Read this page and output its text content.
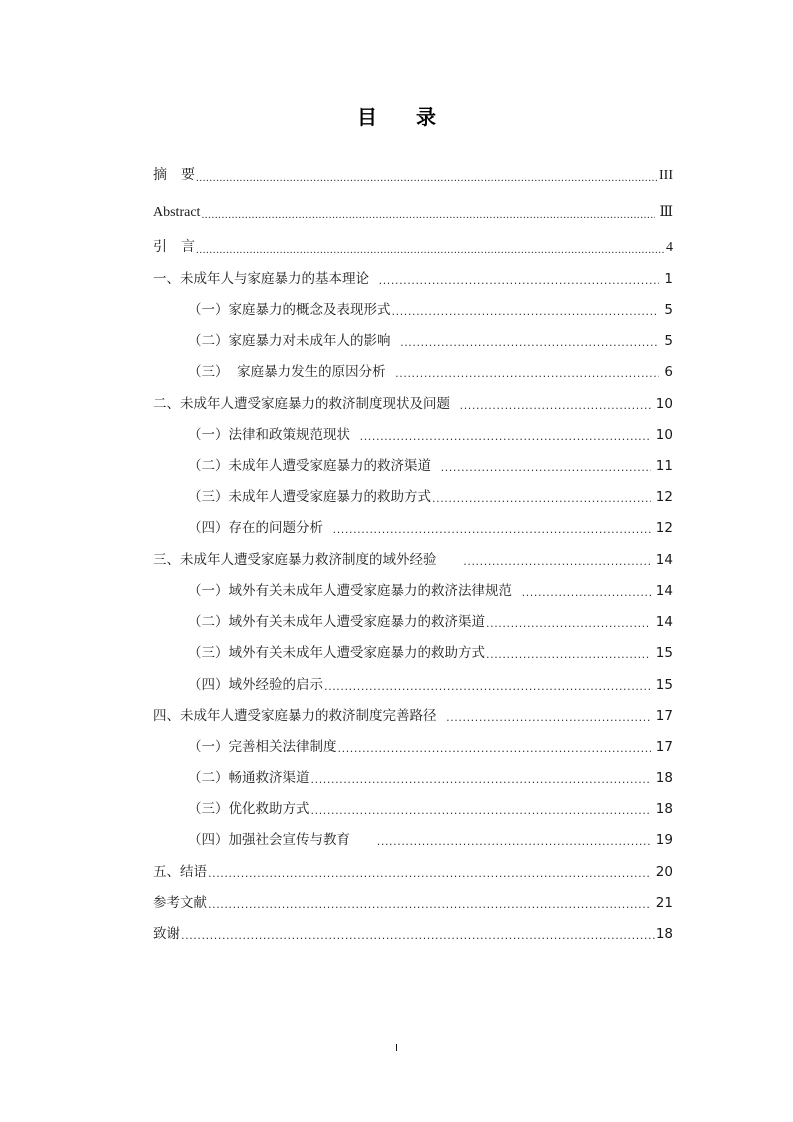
目 录
摘　要 .....	III
Abstract .....	Ⅲ
引　言 .....	4
一、未成年人与家庭暴力的基本理论 .....	1
（一）家庭暴力的概念及表现形式 .....	5
（二）家庭暴力对未成年人的影响 .....	5
（三）  家庭暴力发生的原因分析 .....	6
二、未成年人遭受家庭暴力的救济制度现状及问题 .....	10
（一）法律和政策规范现状 .....	10
（二）未成年人遭受家庭暴力的救济渠道 .....	11
（三）未成年人遭受家庭暴力的救助方式 .....	12
（四）存在的问题分析 .....	12
三、未成年人遭受家庭暴力救济制度的域外经验 .....	14
（一）域外有关未成年人遭受家庭暴力的救济法律规范 .....	14
（二）域外有关未成年人遭受家庭暴力的救济渠道 .....	14
（三）域外有关未成年人遭受家庭暴力的救助方式 .....	15
（四）域外经验的启示 .....	15
四、未成年人遭受家庭暴力的救济制度完善路径 .....	17
（一）完善相关法律制度 .....	17
（二）畅通救济渠道 .....	18
（三）优化救助方式 .....	18
（四）加强社会宣传与教育 .....	19
五、结语 .....	20
参考文献 .....	21
致谢 .....	18
I
